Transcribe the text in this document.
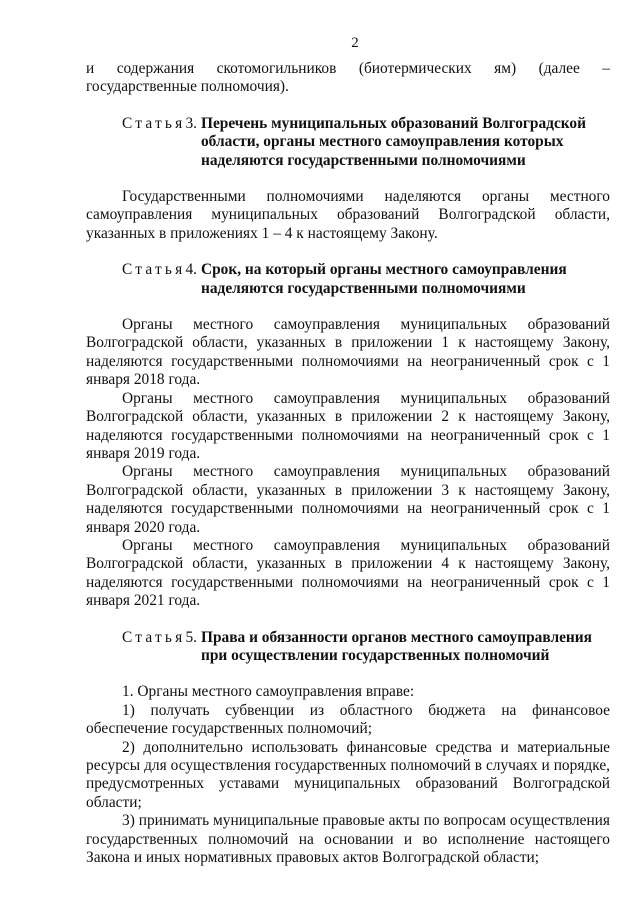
2

и содержания скотомогильников (биотермических ям) (далее – государственные полномочия).

Статья 3. Перечень муниципальных образований Волгоградской
области, органы местного самоуправления которых
наделяются государственными полномочиями

Государственными полномочиями наделяются органы местного самоуправления муниципальных образований Волгоградской области, указанных в приложениях 1 – 4 к настоящему Закону.

Статья 4. Срок, на который органы местного самоуправления
наделяются государственными полномочиями

Органы местного самоуправления муниципальных образований Волгоградской области, указанных в приложении 1 к настоящему Закону, наделяются государственными полномочиями на неограниченный срок с 1 января 2018 года.

Органы местного самоуправления муниципальных образований Волгоградской области, указанных в приложении 2 к настоящему Закону, наделяются государственными полномочиями на неограниченный срок с 1 января 2019 года.

Органы местного самоуправления муниципальных образований Волгоградской области, указанных в приложении 3 к настоящему Закону, наделяются государственными полномочиями на неограниченный срок с 1 января 2020 года.

Органы местного самоуправления муниципальных образований Волгоградской области, указанных в приложении 4 к настоящему Закону, наделяются государственными полномочиями на неограниченный срок с 1 января 2021 года.

Статья 5. Права и обязанности органов местного самоуправления
при осуществлении государственных полномочий

1. Органы местного самоуправления вправе:

1) получать субвенции из областного бюджета на финансовое обеспечение государственных полномочий;

2) дополнительно использовать финансовые средства и материальные ресурсы для осуществления государственных полномочий в случаях и порядке, предусмотренных уставами муниципальных образований Волгоградской области;

3) принимать муниципальные правовые акты по вопросам осуществления государственных полномочий на основании и во исполнение настоящего Закона и иных нормативных правовых актов Волгоградской области;
